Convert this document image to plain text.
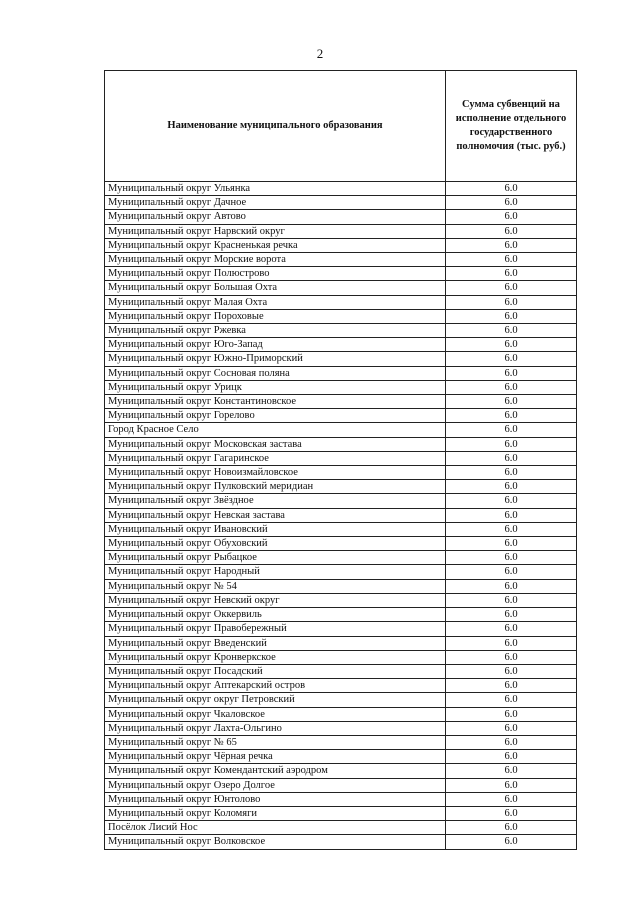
2
Наименование муниципального образования	Сумма субвенций на исполнение отдельного государственного полномочия (тыс. руб.)
Муниципальный округ Ульянка	6.0
Муниципальный округ Дачное	6.0
Муниципальный округ Автово	6.0
Муниципальный округ Нарвский округ	6.0
Муниципальный округ Красненькая речка	6.0
Муниципальный округ Морские ворота	6.0
Муниципальный округ Полюстрово	6.0
Муниципальный округ Большая Охта	6.0
Муниципальный округ Малая Охта	6.0
Муниципальный округ Пороховые	6.0
Муниципальный округ Ржевка	6.0
Муниципальный округ Юго-Запад	6.0
Муниципальный округ Южно-Приморский	6.0
Муниципальный округ Сосновая поляна	6.0
Муниципальный округ Урицк	6.0
Муниципальный округ Константиновское	6.0
Муниципальный округ Горелово	6.0
Город Красное Село	6.0
Муниципальный округ Московская застава	6.0
Муниципальный округ Гагаринское	6.0
Муниципальный округ Новоизмайловское	6.0
Муниципальный округ Пулковский меридиан	6.0
Муниципальный округ Звёздное	6.0
Муниципальный округ Невская застава	6.0
Муниципальный округ Ивановский	6.0
Муниципальный округ Обуховский	6.0
Муниципальный округ Рыбацкое	6.0
Муниципальный округ Народный	6.0
Муниципальный округ № 54	6.0
Муниципальный округ Невский округ	6.0
Муниципальный округ Оккервиль	6.0
Муниципальный округ Правобережный	6.0
Муниципальный округ Введенский	6.0
Муниципальный округ Кронверкское	6.0
Муниципальный округ Посадский	6.0
Муниципальный округ Аптекарский остров	6.0
Муниципальный округ округ Петровский	6.0
Муниципальный округ Чкаловское	6.0
Муниципальный округ Лахта-Ольгино	6.0
Муниципальный округ № 65	6.0
Муниципальный округ Чёрная речка	6.0
Муниципальный округ Комендантский аэродром	6.0
Муниципальный округ Озеро Долгое	6.0
Муниципальный округ Юнтолово	6.0
Муниципальный округ Коломяги	6.0
Посёлок Лисий Нос	6.0
Муниципальный округ Волковское	6.0
